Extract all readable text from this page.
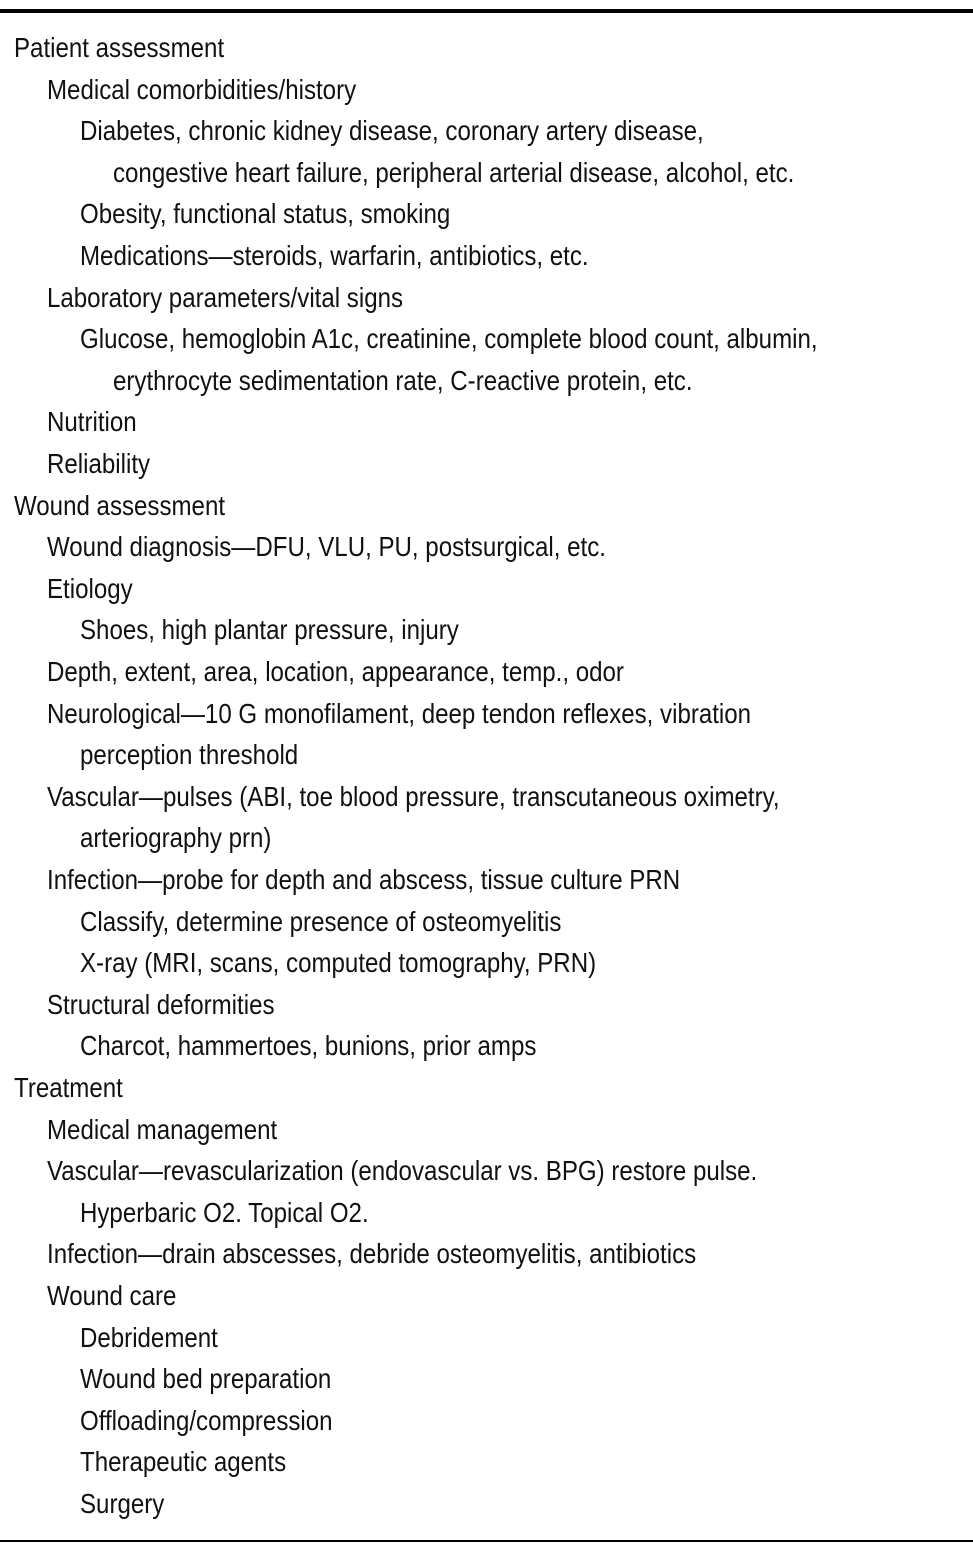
Patient assessment
Medical comorbidities/history
Diabetes, chronic kidney disease, coronary artery disease,
congestive heart failure, peripheral arterial disease, alcohol, etc.
Obesity, functional status, smoking
Medications—steroids, warfarin, antibiotics, etc.
Laboratory parameters/vital signs
Glucose, hemoglobin A1c, creatinine, complete blood count, albumin,
erythrocyte sedimentation rate, C-reactive protein, etc.
Nutrition
Reliability
Wound assessment
Wound diagnosis—DFU, VLU, PU, postsurgical, etc.
Etiology
Shoes, high plantar pressure, injury
Depth, extent, area, location, appearance, temp., odor
Neurological—10 G monofilament, deep tendon reflexes, vibration
perception threshold
Vascular—pulses (ABI, toe blood pressure, transcutaneous oximetry,
arteriography prn)
Infection—probe for depth and abscess, tissue culture PRN
Classify, determine presence of osteomyelitis
X-ray (MRI, scans, computed tomography, PRN)
Structural deformities
Charcot, hammertoes, bunions, prior amps
Treatment
Medical management
Vascular—revascularization (endovascular vs. BPG) restore pulse.
Hyperbaric O2. Topical O2.
Infection—drain abscesses, debride osteomyelitis, antibiotics
Wound care
Debridement
Wound bed preparation
Offloading/compression
Therapeutic agents
Surgery
